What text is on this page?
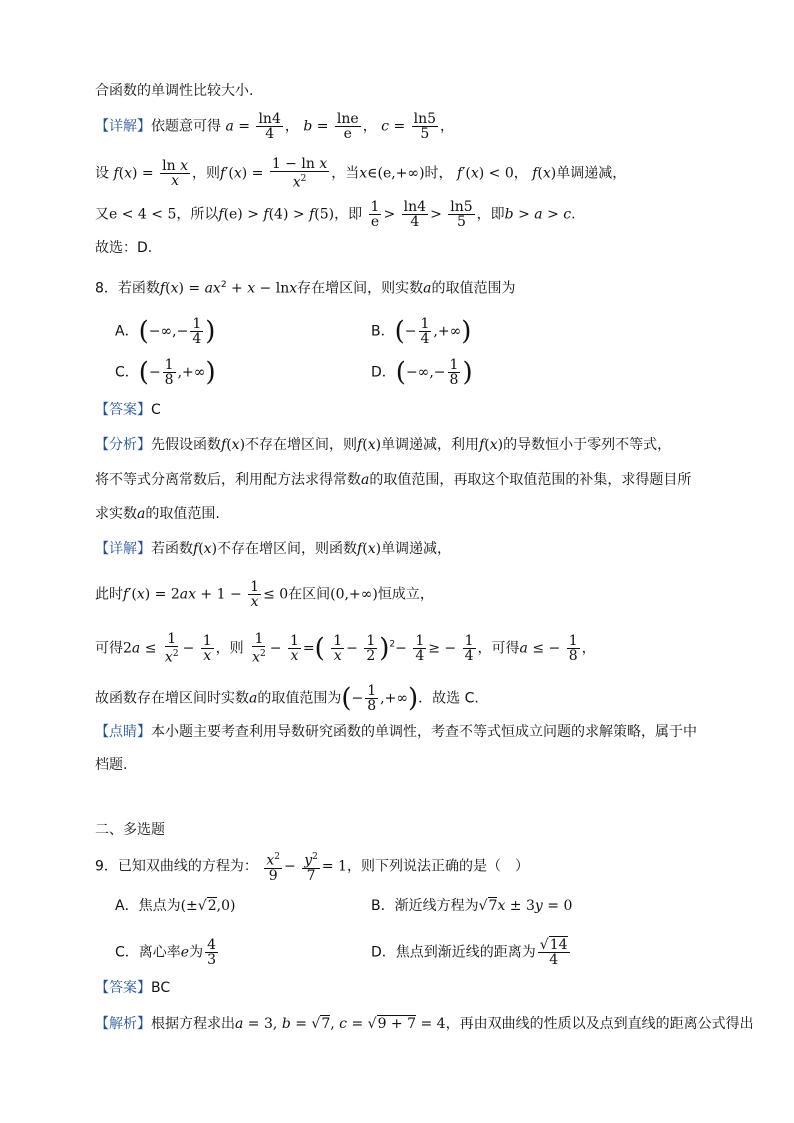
合函数的单调性比较大小.
【详解】依题意可得 $a = \frac{\ln 4}{4}$ ， $b = \frac{\ln e}{e}$ ， $c = \frac{\ln 5}{5}$ ，
设 $f(x) = \frac{\text{ln x}}{x}$ ，则$f'(x) = \frac{\text{1 − ln x}}{x^2}$ ，当x∈(e,+∞)时， f′(x) < 0， f(x)单调递减，
又e < 4 < 5，所以f(e) > f(4) > f(5)，即 $\frac{1}{e} > \frac{\ln 4}{4} > \frac{\ln 5}{5}$ ，即b > a > c.
故选：D.
8．若函数$f(x) = ax^2 + x - \ln x$存在增区间，则实数a的取值范围为
A．(−∞,− $\frac{1}{4}$ )	B．(− $\frac{1}{4}$ ,+∞)
C．(− $\frac{1}{8}$ ,+∞)	D．(−∞,− $\frac{1}{8}$ )
【答案】C
【分析】先假设函数f(x)不存在增区间，则f(x)单调递减，利用f(x)的导数恒小于零列不等式，
将不等式分离常数后，利用配方法求得常数a的取值范围，再取这个取值范围的补集，求得题目所
求实数a的取值范围.
【详解】若函数f(x)不存在增区间，则函数f(x)单调递减，
此时$f'(x) = 2ax + 1 - \frac{1}{x} \le 0$在区间(0,+∞)恒成立，
可得$2a \le \frac{1}{x^2} - \frac{1}{x}$ ，则 $\frac{1}{x^2} - \frac{1}{x}$ =( $\frac{1}{x} - \frac{1}{2} )^2- \frac{1}{4}$ ≥ − $\frac{1}{4}$ ，可得a ≤ − $\frac{1}{8}$ ，
故函数存在增区间时实数a的取值范围为(− $\frac{1}{8}$ ,+∞)．故选 C.
【点睛】本小题主要考查利用导数研究函数的单调性，考查不等式恒成立问题的求解策略，属于中
档题.
二、多选题
9．已知双曲线的方程为： $\frac{x^2}{9} - \frac{y^2}{7} = 1$，则下列说法正确的是（　）
A．焦点为(±√2,0)	B．渐近线方程为√7x ± 3y = 0
C．离心率e为 $\frac{4}{3}$	D．焦点到渐近线的距离为 $\frac{√14}{4}$
【答案】BC
【解析】根据方程求出a = 3, b = √7, c = √9 + 7 = 4，再由双曲线的性质以及点到直线的距离公式得出
